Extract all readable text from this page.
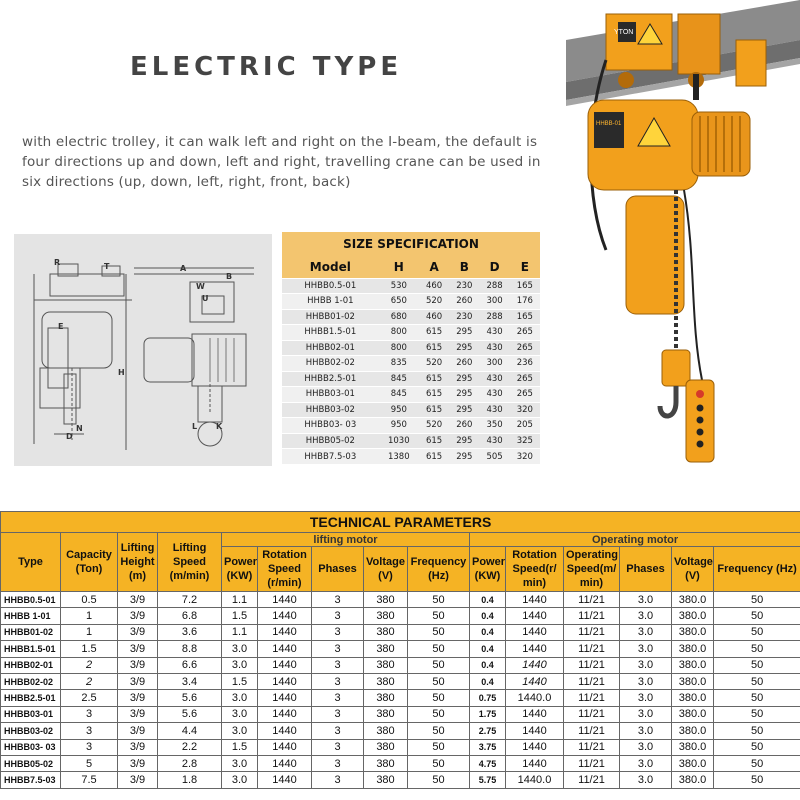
ELECTRIC TYPE
with electric trolley, it can walk left and right on the I-beam, the default is four directions up and down, left and right, travelling crane can be used in six directions (up, down, left, right, front, back)
YTON
HHBB-01
R	T	A
B
E
W
U
H
D
N	L K
SIZE SPECIFICATION					
Model	H	A	B	D	E
HHBB0.5-01	530	460	230	288	165
HHBB 1-01	650	520	260	300	176
HHBB01-02	680	460	230	288	165
HHBB1.5-01	800	615	295	430	265
HHBB02-01	800	615	295	430	265
HHBB02-02	835	520	260	300	236
HHBB2.5-01	845	615	295	430	265
HHBB03-01	845	615	295	430	265
HHBB03-02	950	615	295	430	320
HHBB03- 03	950	520	260	350	205
HHBB05-02	1030	615	295	430	325
HHBB7.5-03	1380	615	295	505	320
TECHNICAL PARAMETERS														
Type	Capacity (Ton)	Lifting Height (m)	Lifting Speed (m/min)	lifting motor					Operating motor					
				Power (KW)	Rotation Speed (r/min)	Phases	Voltage (V)	Frequency (Hz)	Power (KW)	Rotation Speed(r/ min)	Operating Speed(m/ min)	Phases	Voltage (V)	Frequency (Hz)
HHBB0.5-01	0.5	3/9	7.2	1.1	1440	3	380	50	0.4	1440	11/21	3.0	380.0	50
HHBB 1-01	1	3/9	6.8	1.5	1440	3	380	50	0.4	1440	11/21	3.0	380.0	50
HHBB01-02	1	3/9	3.6	1.1	1440	3	380	50	0.4	1440	11/21	3.0	380.0	50
HHBB1.5-01	1.5	3/9	8.8	3.0	1440	3	380	50	0.4	1440	11/21	3.0	380.0	50
HHBB02-01	2	3/9	6.6	3.0	1440	3	380	50	0.4	1440	11/21	3.0	380.0	50
HHBB02-02	2	3/9	3.4	1.5	1440	3	380	50	0.4	1440	11/21	3.0	380.0	50
HHBB2.5-01	2.5	3/9	5.6	3.0	1440	3	380	50	0.75	1440.0	11/21	3.0	380.0	50
HHBB03-01	3	3/9	5.6	3.0	1440	3	380	50	1.75	1440	11/21	3.0	380.0	50
HHBB03-02	3	3/9	4.4	3.0	1440	3	380	50	2.75	1440	11/21	3.0	380.0	50
HHBB03- 03	3	3/9	2.2	1.5	1440	3	380	50	3.75	1440	11/21	3.0	380.0	50
HHBB05-02	5	3/9	2.8	3.0	1440	3	380	50	4.75	1440	11/21	3.0	380.0	50
HHBB7.5-03	7.5	3/9	1.8	3.0	1440	3	380	50	5.75	1440.0	11/21	3.0	380.0	50
